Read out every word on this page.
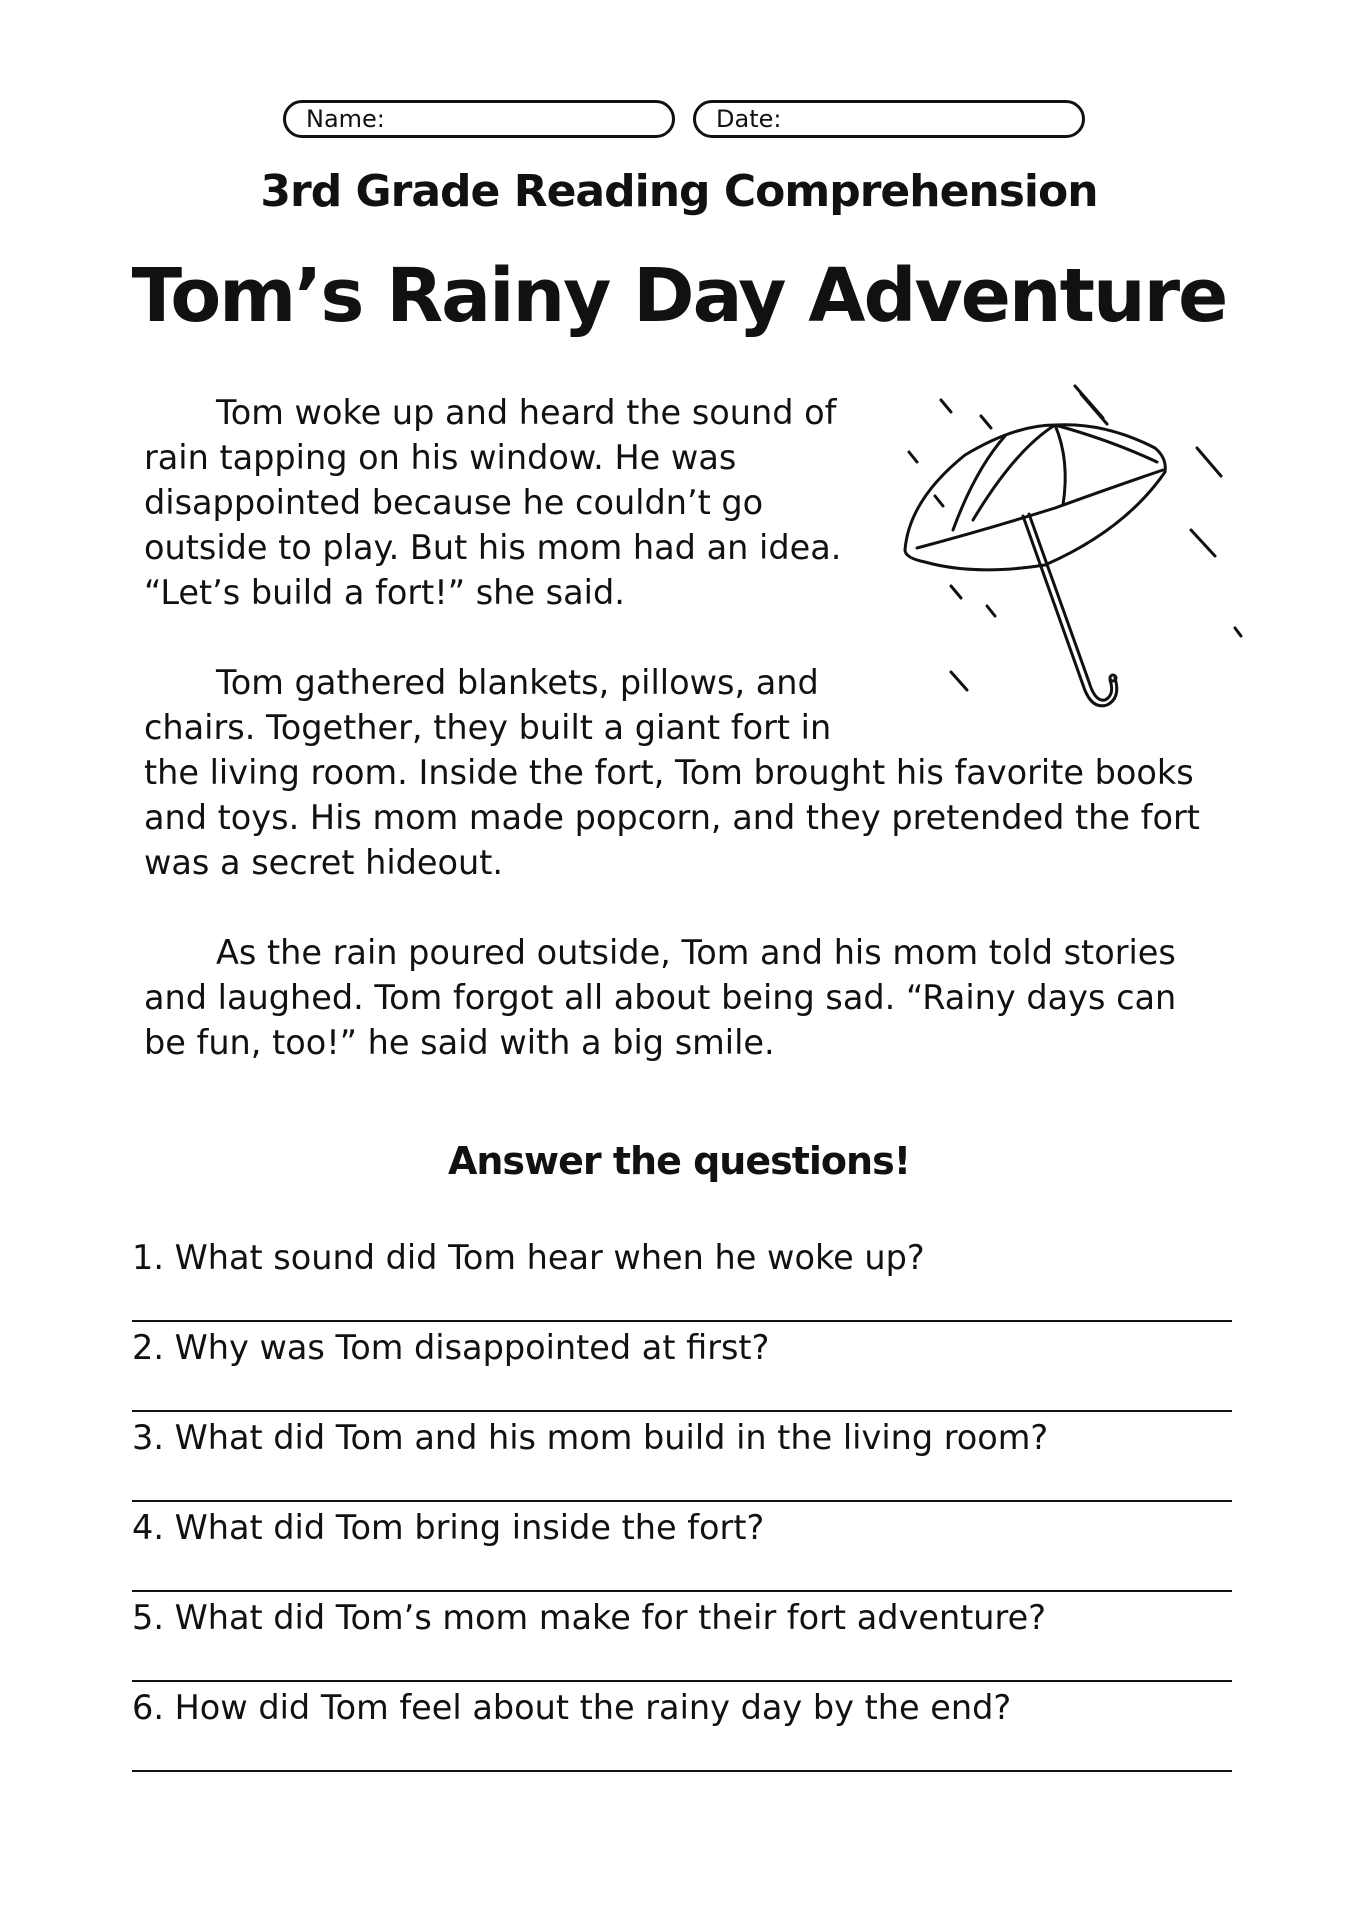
Name:	Date:
3rd Grade Reading Comprehension
Tom’s Rainy Day Adventure

Tom woke up and heard the sound of rain tapping on his window. He was disappointed because he couldn’t go outside to play. But his mom had an idea. “Let’s build a fort!” she said.

Tom gathered blankets, pillows, and chairs. Together, they built a giant fort in the living room. Inside the fort, Tom brought his favorite books and toys. His mom made popcorn, and they pretended the fort was a secret hideout.

As the rain poured outside, Tom and his mom told stories and laughed. Tom forgot all about being sad. “Rainy days can be fun, too!” he said with a big smile.

Answer the questions!
1. What sound did Tom hear when he woke up?
2. Why was Tom disappointed at first?
3. What did Tom and his mom build in the living room?
4. What did Tom bring inside the fort?
5. What did Tom’s mom make for their fort adventure?
6. How did Tom feel about the rainy day by the end?
